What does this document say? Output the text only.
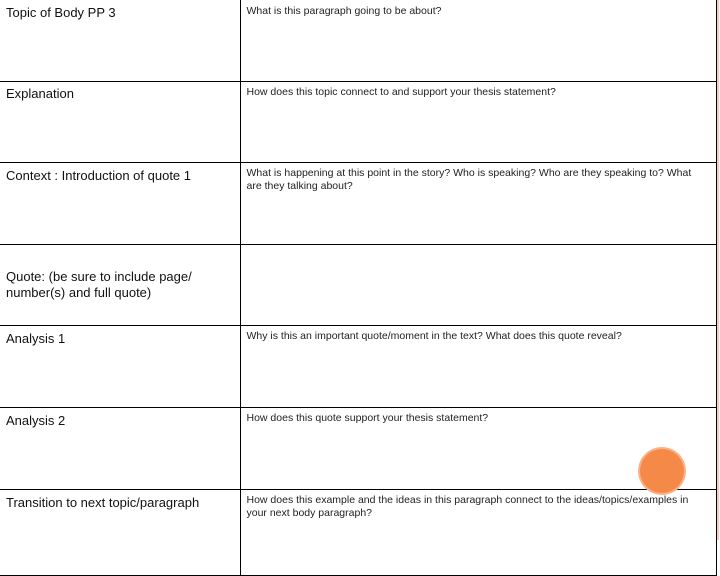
Topic of Body PP 3	What is this paragraph going to be about?
Explanation	How does this topic connect to and support your thesis statement?
Context : Introduction of quote 1	What is happening at this point in the story? Who is speaking? Who are they speaking to? What are they talking about?
Quote: (be sure to include page/ number(s) and full quote)	
Analysis 1	Why is this an important quote/moment in the text? What does this quote reveal?
Analysis 2	How does this quote support your thesis statement?
Transition to next topic/paragraph	How does this example and the ideas in this paragraph connect to the ideas/topics/examples in your next body paragraph?
